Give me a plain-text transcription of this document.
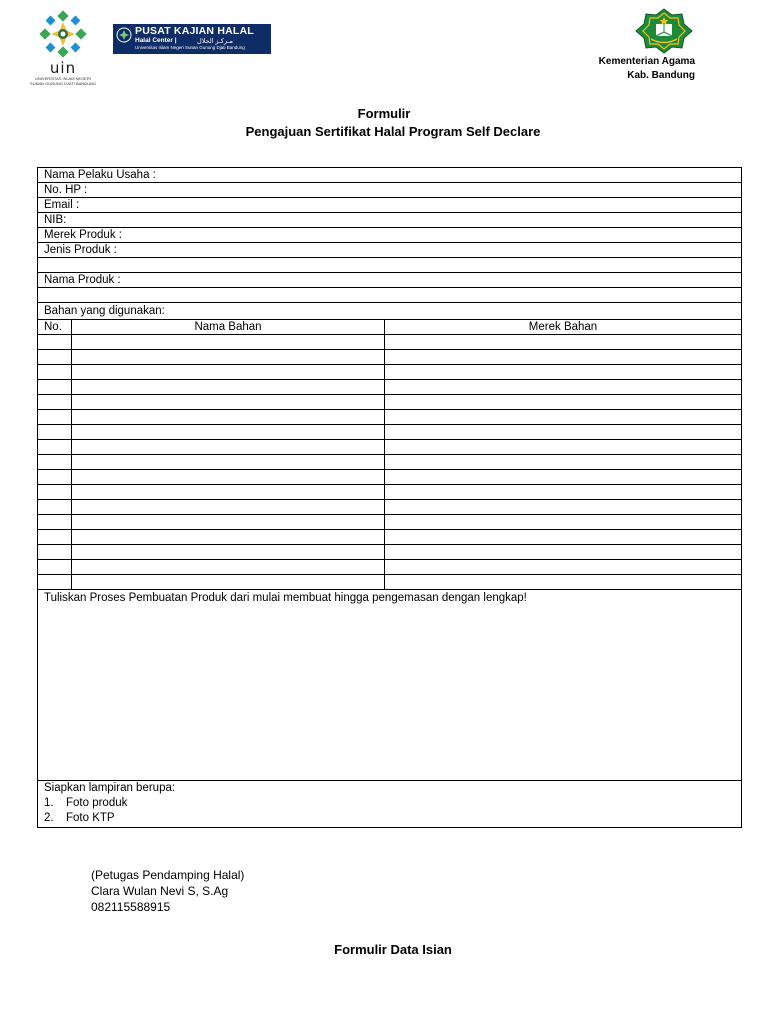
uin
UNIVERSITAS ISLAM NEGERI SUNAN GUNUNG DJATI BANDUNG
PUSAT KAJIAN HALAL
Halal Center |	مـركـز الحلال
Universitas Islam Negeri Sunan Gunung Djati Bandung
Kementerian Agama
Kab. Bandung
Formulir
Pengajuan Sertifikat Halal Program Self Declare
Nama Pelaku Usaha :		
No. HP :		
Email :		
NIB:		
Merek Produk :		
Jenis Produk :		

Nama Produk :		

Bahan yang digunakan:		
No.	Nama Bahan	Merek Bahan

Tuliskan Proses Pembuatan Produk dari mulai membuat hingga pengemasan dengan lengkap!		

Siapkan lampiran berupa:
1. Foto produk
2. Foto KTP		
(Petugas Pendamping Halal)
Clara Wulan Nevi S, S.Ag
082115588915
Formulir Data Isian
